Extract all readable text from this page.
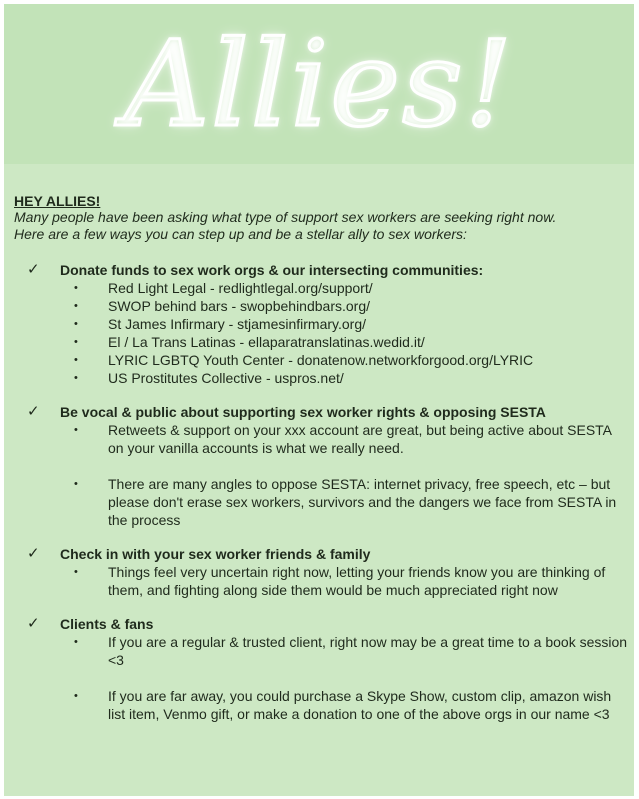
Allies!
HEY ALLIES!
Many people have been asking what type of support sex workers are seeking right now.
Here are a few ways you can step up and be a stellar ally to sex workers:
✓ Donate funds to sex work orgs & our intersecting communities:
• Red Light Legal - redlightlegal.org/support/
• SWOP behind bars - swopbehindbars.org/
• St James Infirmary - stjamesinfirmary.org/
• El / La Trans Latinas - ellaparatranslatinas.wedid.it/
• LYRIC LGBTQ Youth Center - donatenow.networkforgood.org/LYRIC
• US Prostitutes Collective - uspros.net/
✓ Be vocal & public about supporting sex worker rights & opposing SESTA
• Retweets & support on your xxx account are great, but being active about SESTA on your vanilla accounts is what we really need.
• There are many angles to oppose SESTA: internet privacy, free speech, etc – but please don't erase sex workers, survivors and the dangers we face from SESTA in the process
✓ Check in with your sex worker friends & family
• Things feel very uncertain right now, letting your friends know you are thinking of them, and fighting along side them would be much appreciated right now
✓ Clients & fans
• If you are a regular & trusted client, right now may be a great time to a book session <3
• If you are far away, you could purchase a Skype Show, custom clip, amazon wish list item, Venmo gift, or make a donation to one of the above orgs in our name <3
